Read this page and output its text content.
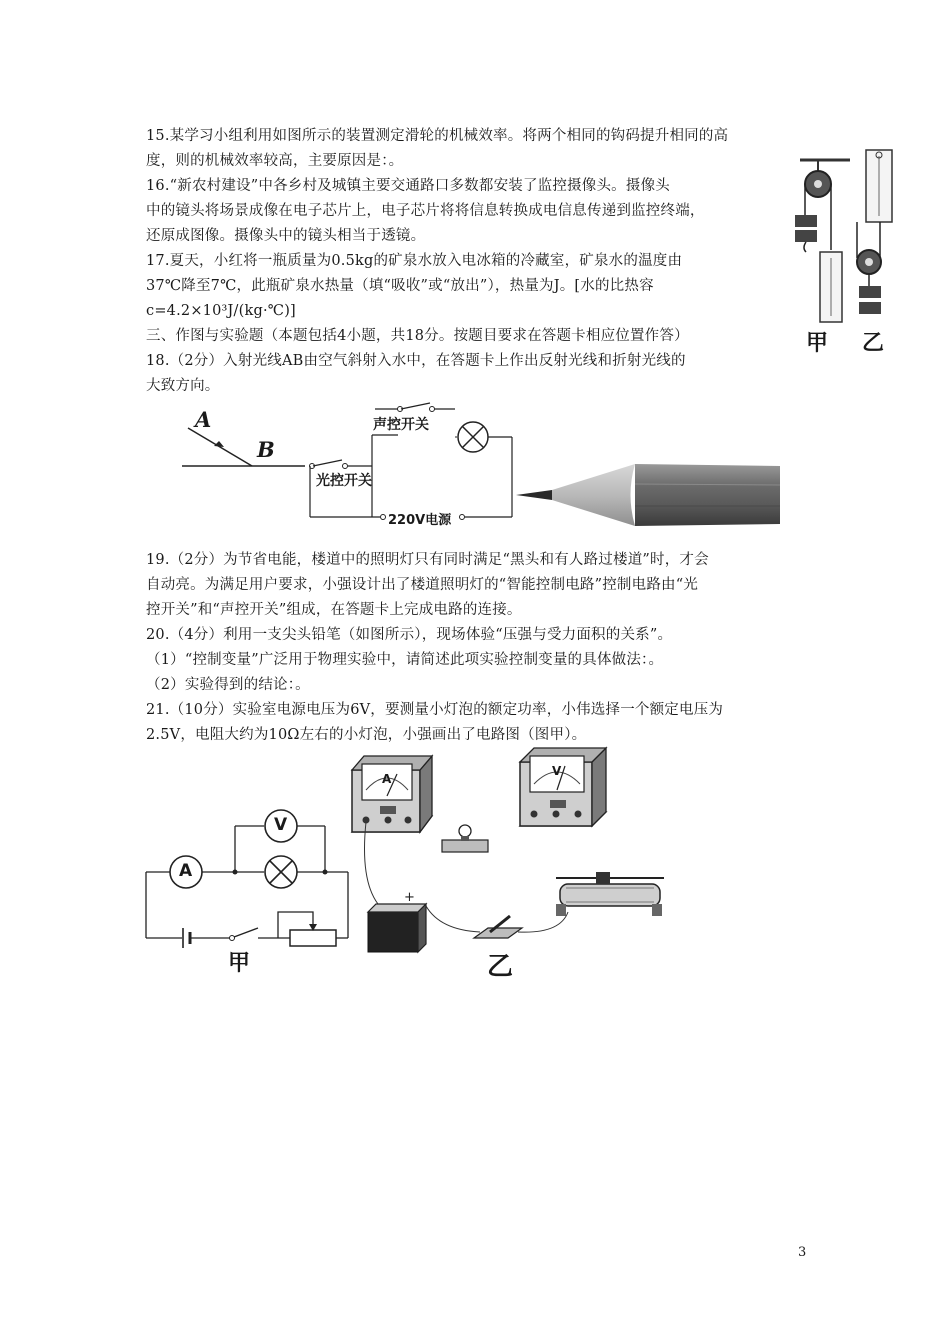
15.某学习小组利用如图所示的装置测定滑轮的机械效率。将两个相同的钩码提升相同的高
度，则的机械效率较高，主要原因是：。
16.“新农村建设”中各乡村及城镇主要交通路口多数都安装了监控摄像头。摄像头
中的镜头将场景成像在电子芯片上，电子芯片将将信息转换成电信息传递到监控终端，
还原成图像。摄像头中的镜头相当于透镜。
17.夏天，小红将一瓶质量为0.5kg的矿泉水放入电冰箱的冷藏室，矿泉水的温度由
37℃降至7℃，此瓶矿泉水热量（填“吸收”或“放出”），热量为J。[水的比热容
c=4.2×10³J/(kg·℃)]
三、作图与实验题（本题包括4小题，共18分。按题目要求在答题卡相应位置作答）
18.（2分）入射光线AB由空气斜射入水中，在答题卡上作出反射光线和折射光线的
大致方向。
19.（2分）为节省电能，楼道中的照明灯只有同时满足“黑头和有人路过楼道”时，才会
自动亮。为满足用户要求，小强设计出了楼道照明灯的“智能控制电路”控制电路由“光
控开关”和“声控开关”组成，在答题卡上完成电路的连接。
20.（4分）利用一支尖头铅笔（如图所示），现场体验“压强与受力面积的关系”。
（1）“控制变量”广泛用于物理实验中，请简述此项实验控制变量的具体做法：。
（2）实验得到的结论：。
21.（10分）实验室电源电压为6V，要测量小灯泡的额定功率，小伟选择一个额定电压为
2.5V，电阻大约为10Ω左右的小灯泡，小强画出了电路图（图甲）。
甲 乙
A
B
声控开关
光控开关
220V电源
A
V
甲
+
A
V
乙
3
